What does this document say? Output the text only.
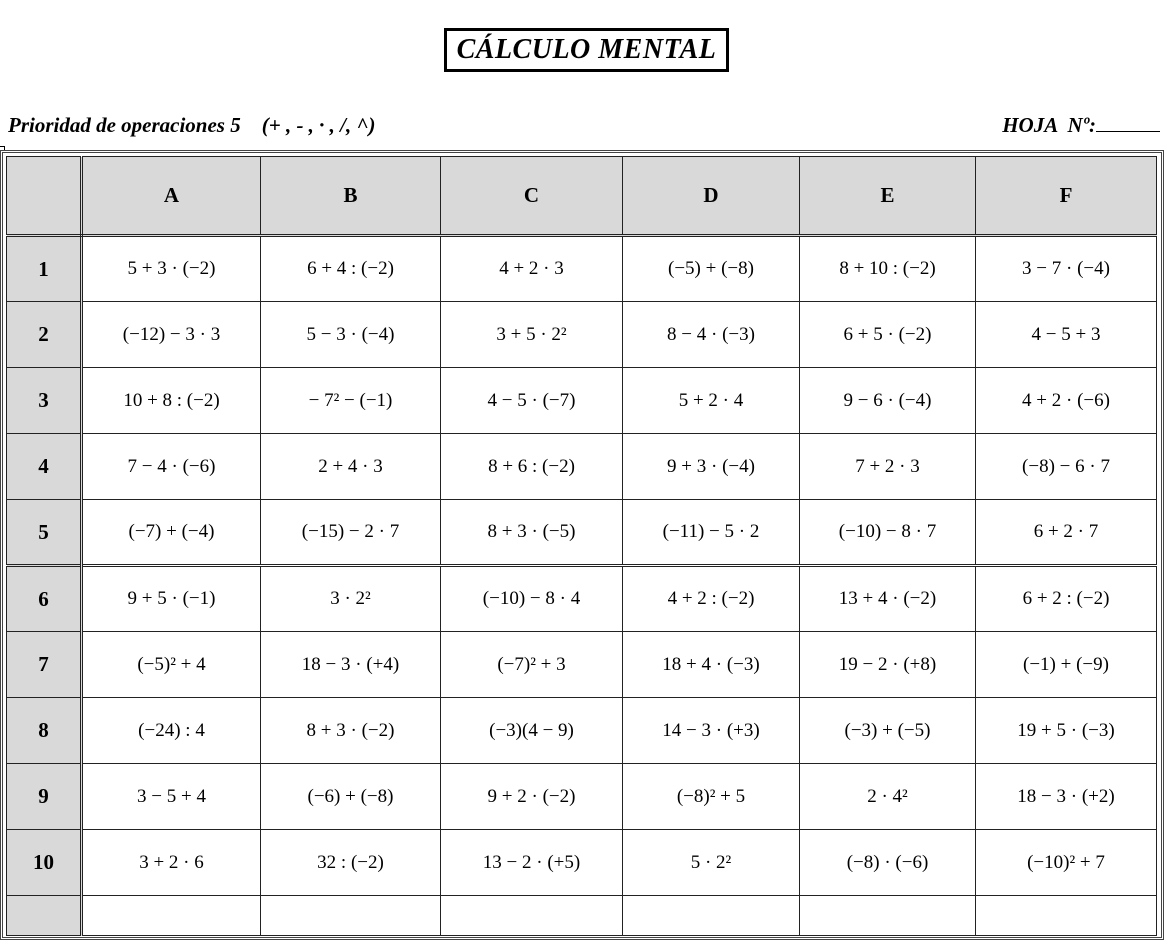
CÁLCULO MENTAL
Prioridad de operaciones 5    (+ , - , · , /, ^)	HOJA  Nº:
	A	B	C	D	E	F
1	5 + 3 · (−2)	6 + 4 : (−2)	4 + 2 · 3	(−5) + (−8)	8 + 10 : (−2)	3 − 7 · (−4)
2	(−12) − 3 · 3	5 − 3 · (−4)	3 + 5 · 2²	8 − 4 · (−3)	6 + 5 · (−2)	4 − 5 + 3
3	10 + 8 : (−2)	− 7² − (−1)	4 − 5 · (−7)	5 + 2 · 4	9 − 6 · (−4)	4 + 2 · (−6)
4	7 − 4 · (−6)	2 + 4 · 3	8 + 6 : (−2)	9 + 3 · (−4)	7 + 2 · 3	(−8) − 6 · 7
5	(−7) + (−4)	(−15) − 2 · 7	8 + 3 · (−5)	(−11) − 5 · 2	(−10) − 8 · 7	6 + 2 · 7
6	9 + 5 · (−1)	3 · 2²	(−10) − 8 · 4	4 + 2 : (−2)	13 + 4 · (−2)	6 + 2 : (−2)
7	(−5)² + 4	18 − 3 · (+4)	(−7)² + 3	18 + 4 · (−3)	19 − 2 · (+8)	(−1) + (−9)
8	(−24) : 4	8 + 3 · (−2)	(−3)(4 − 9)	14 − 3 · (+3)	(−3) + (−5)	19 + 5 · (−3)
9	3 − 5 + 4	(−6) + (−8)	9 + 2 · (−2)	(−8)² + 5	2 · 4²	18 − 3 · (+2)
10	3 + 2 · 6	32 : (−2)	13 − 2 · (+5)	5 · 2²	(−8) · (−6)	(−10)² + 7
